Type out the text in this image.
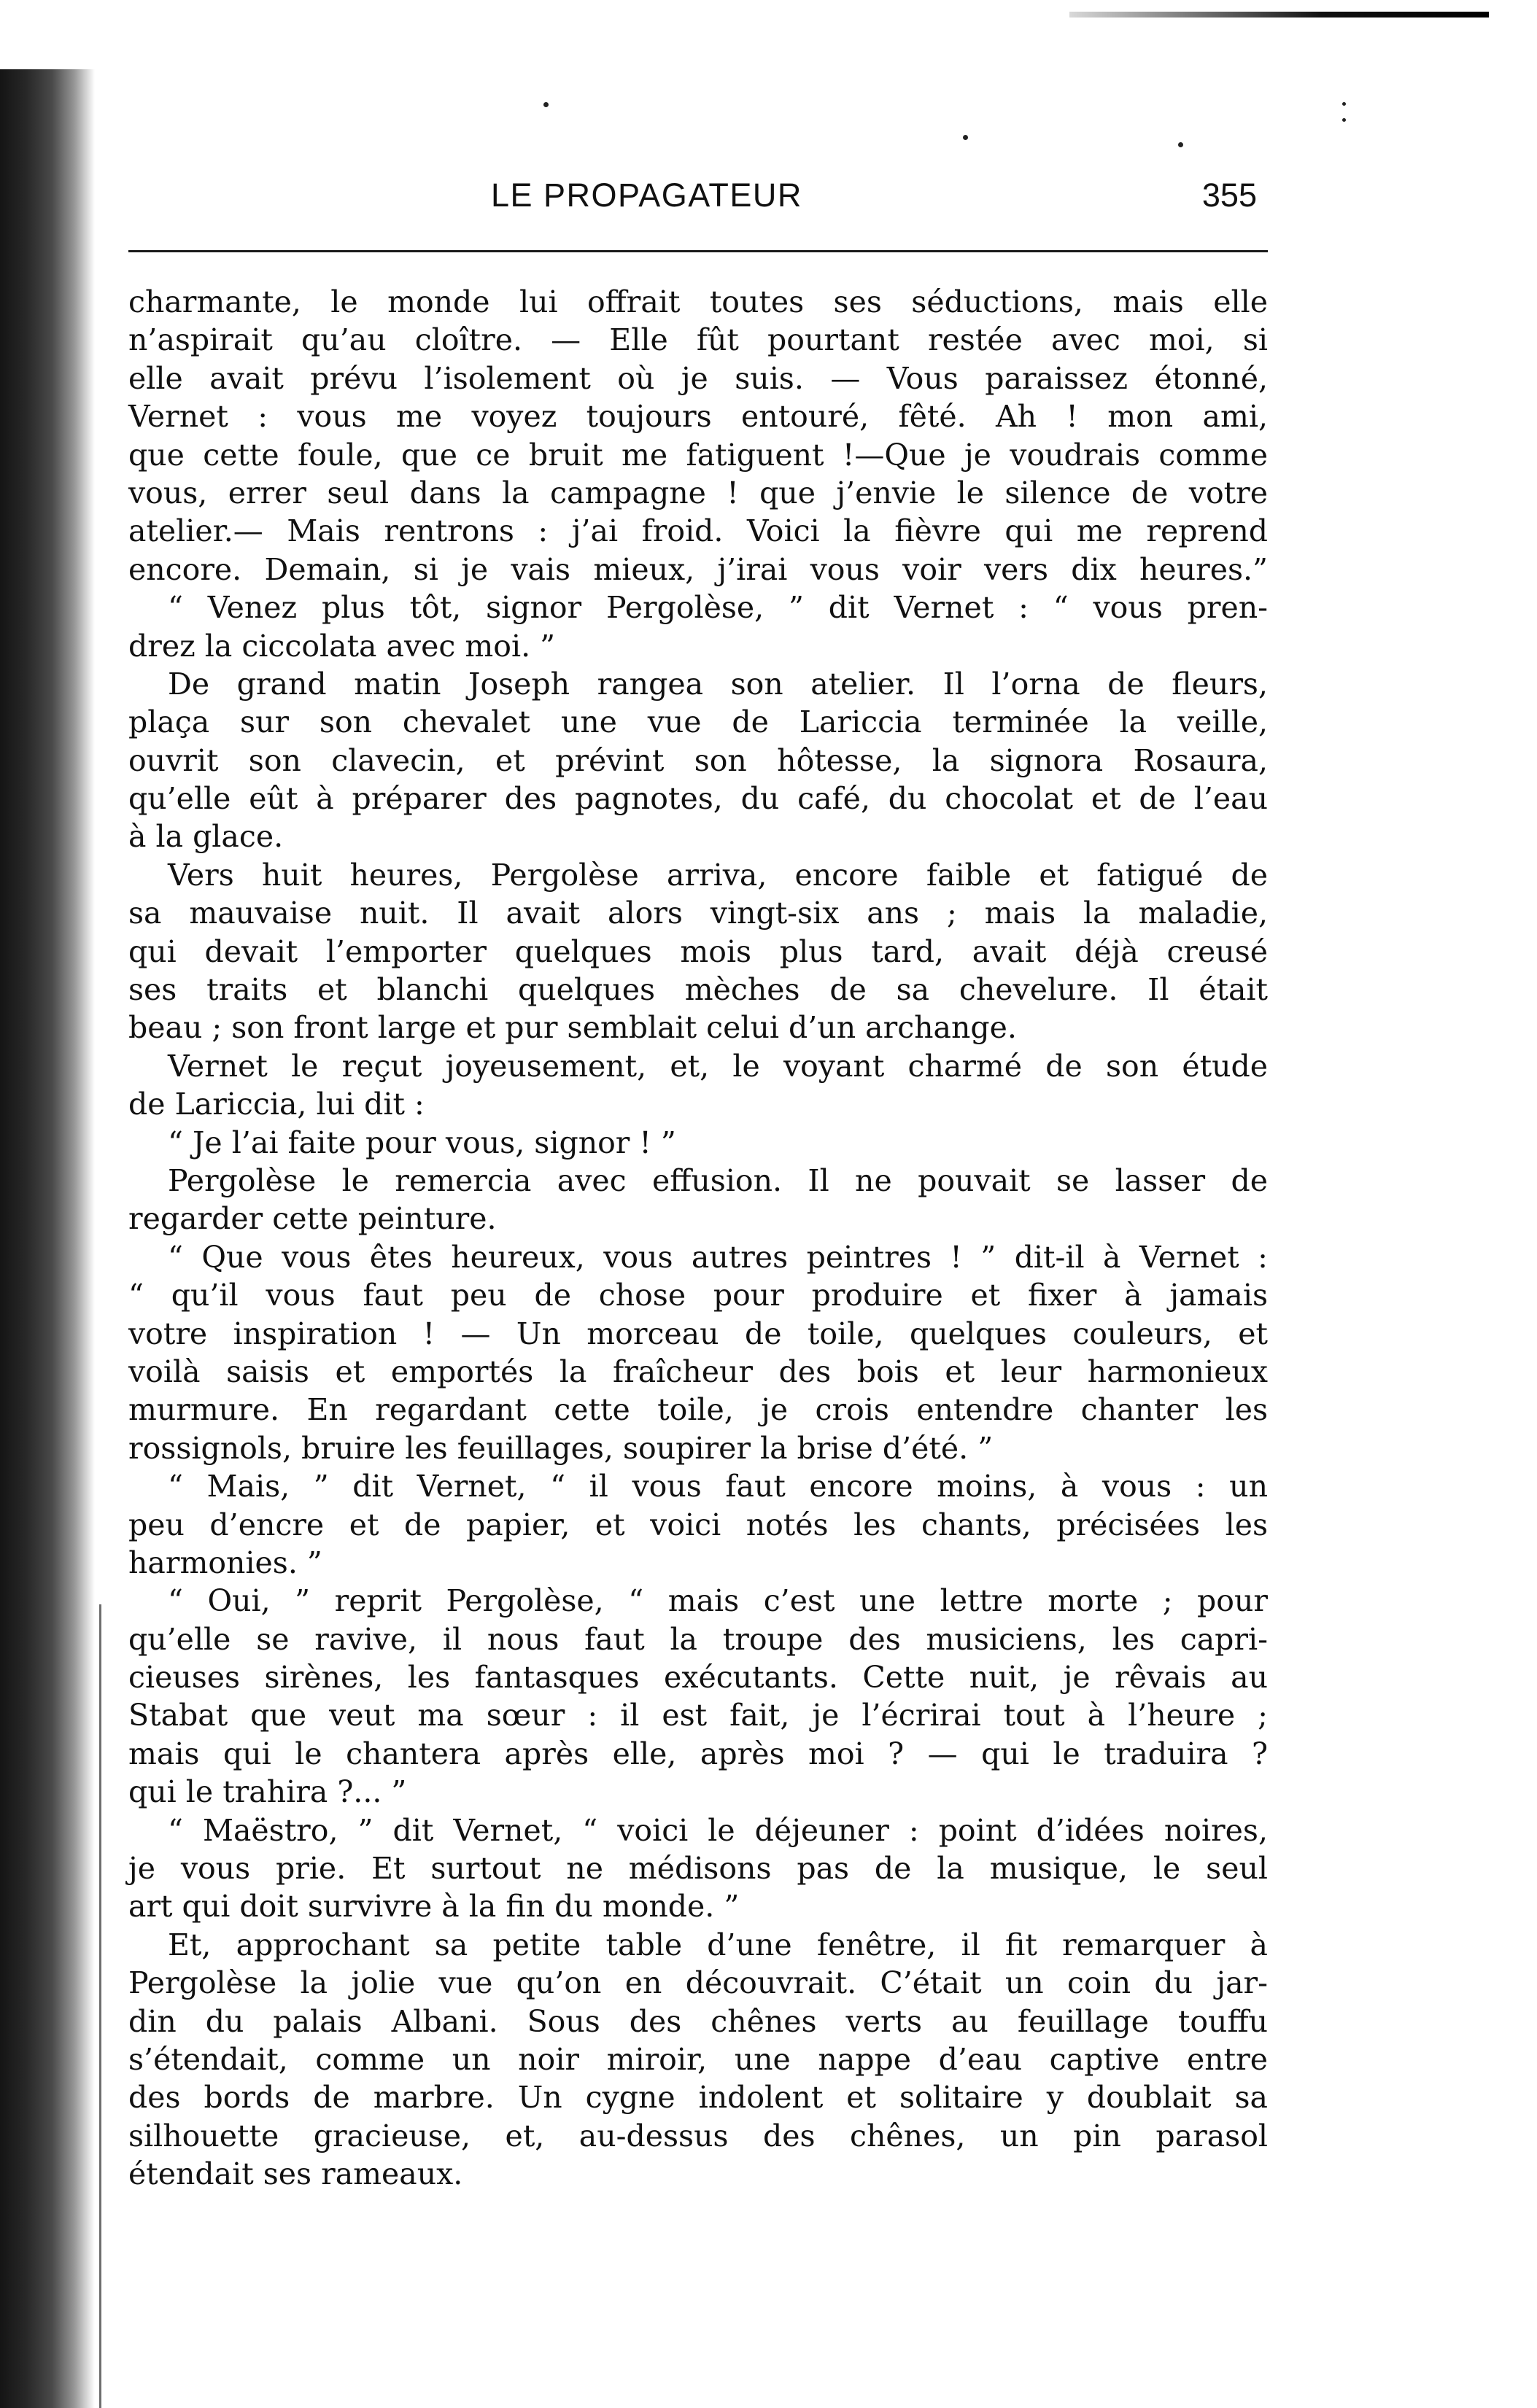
LE PROPAGATEUR	355
charmante, le monde lui offrait toutes ses séductions, mais elle
n’aspirait qu’au cloître. — Elle fût pourtant restée avec moi, si
elle avait prévu l’isolement où je suis. — Vous paraissez étonné,
Vernet : vous me voyez toujours entouré, fêté. Ah ! mon ami,
que cette foule, que ce bruit me fatiguent !—Que je voudrais comme
vous, errer seul dans la campagne ! que j’envie le silence de votre
atelier.— Mais rentrons : j’ai froid. Voici la fièvre qui me reprend
encore. Demain, si je vais mieux, j’irai vous voir vers dix heures.”
“ Venez plus tôt, signor Pergolèse, ” dit Vernet : “ vous pren-
drez la ciccolata avec moi. ”
De grand matin Joseph rangea son atelier. Il l’orna de fleurs,
plaça sur son chevalet une vue de Lariccia terminée la veille,
ouvrit son clavecin, et prévint son hôtesse, la signora Rosaura,
qu’elle eût à préparer des pagnotes, du café, du chocolat et de l’eau
à la glace.
Vers huit heures, Pergolèse arriva, encore faible et fatigué de
sa mauvaise nuit. Il avait alors vingt-six ans ; mais la maladie,
qui devait l’emporter quelques mois plus tard, avait déjà creusé
ses traits et blanchi quelques mèches de sa chevelure. Il était
beau ; son front large et pur semblait celui d’un archange.
Vernet le reçut joyeusement, et, le voyant charmé de son étude
de Lariccia, lui dit :
“ Je l’ai faite pour vous, signor ! ”
Pergolèse le remercia avec effusion. Il ne pouvait se lasser de
regarder cette peinture.
“ Que vous êtes heureux, vous autres peintres ! ” dit-il à Vernet :
“ qu’il vous faut peu de chose pour produire et fixer à jamais
votre inspiration ! — Un morceau de toile, quelques couleurs, et
voilà saisis et emportés la fraîcheur des bois et leur harmonieux
murmure. En regardant cette toile, je crois entendre chanter les
rossignols, bruire les feuillages, soupirer la brise d’été. ”
“ Mais, ” dit Vernet, “ il vous faut encore moins, à vous : un
peu d’encre et de papier, et voici notés les chants, précisées les
harmonies. ”
“ Oui, ” reprit Pergolèse, “ mais c’est une lettre morte ; pour
qu’elle se ravive, il nous faut la troupe des musiciens, les capri-
cieuses sirènes, les fantasques exécutants. Cette nuit, je rêvais au
Stabat que veut ma sœur : il est fait, je l’écrirai tout à l’heure ;
mais qui le chantera après elle, après moi ? — qui le traduira ?
qui le trahira ?... ”
“ Maëstro, ” dit Vernet, “ voici le déjeuner : point d’idées noires,
je vous prie. Et surtout ne médisons pas de la musique, le seul
art qui doit survivre à la fin du monde. ”
Et, approchant sa petite table d’une fenêtre, il fit remarquer à
Pergolèse la jolie vue qu’on en découvrait. C’était un coin du jar-
din du palais Albani. Sous des chênes verts au feuillage touffu
s’étendait, comme un noir miroir, une nappe d’eau captive entre
des bords de marbre. Un cygne indolent et solitaire y doublait sa
silhouette gracieuse, et, au-dessus des chênes, un pin parasol
étendait ses rameaux.
